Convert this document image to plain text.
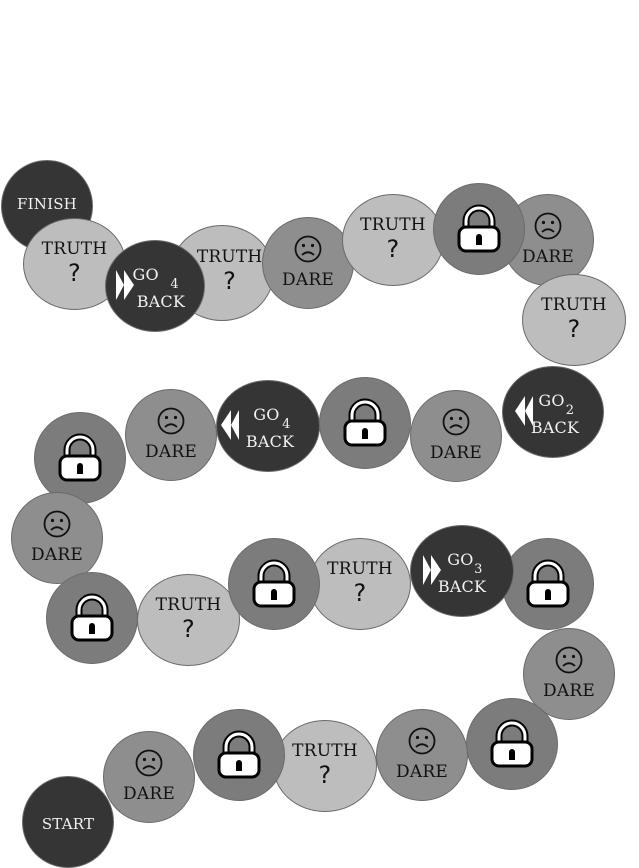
FINISH
TRUTH
?
TRUTH
?
GO
4
BACK
DARE
TRUTH
?	DARE
TRUTH
?
GO
2
BACK
DARE
GO
4
BACK
DARE
DARE
TRUTH
?
TRUTH
?
GO
3
BACK
DARE
DARE
TRUTH
?
DARE
START
